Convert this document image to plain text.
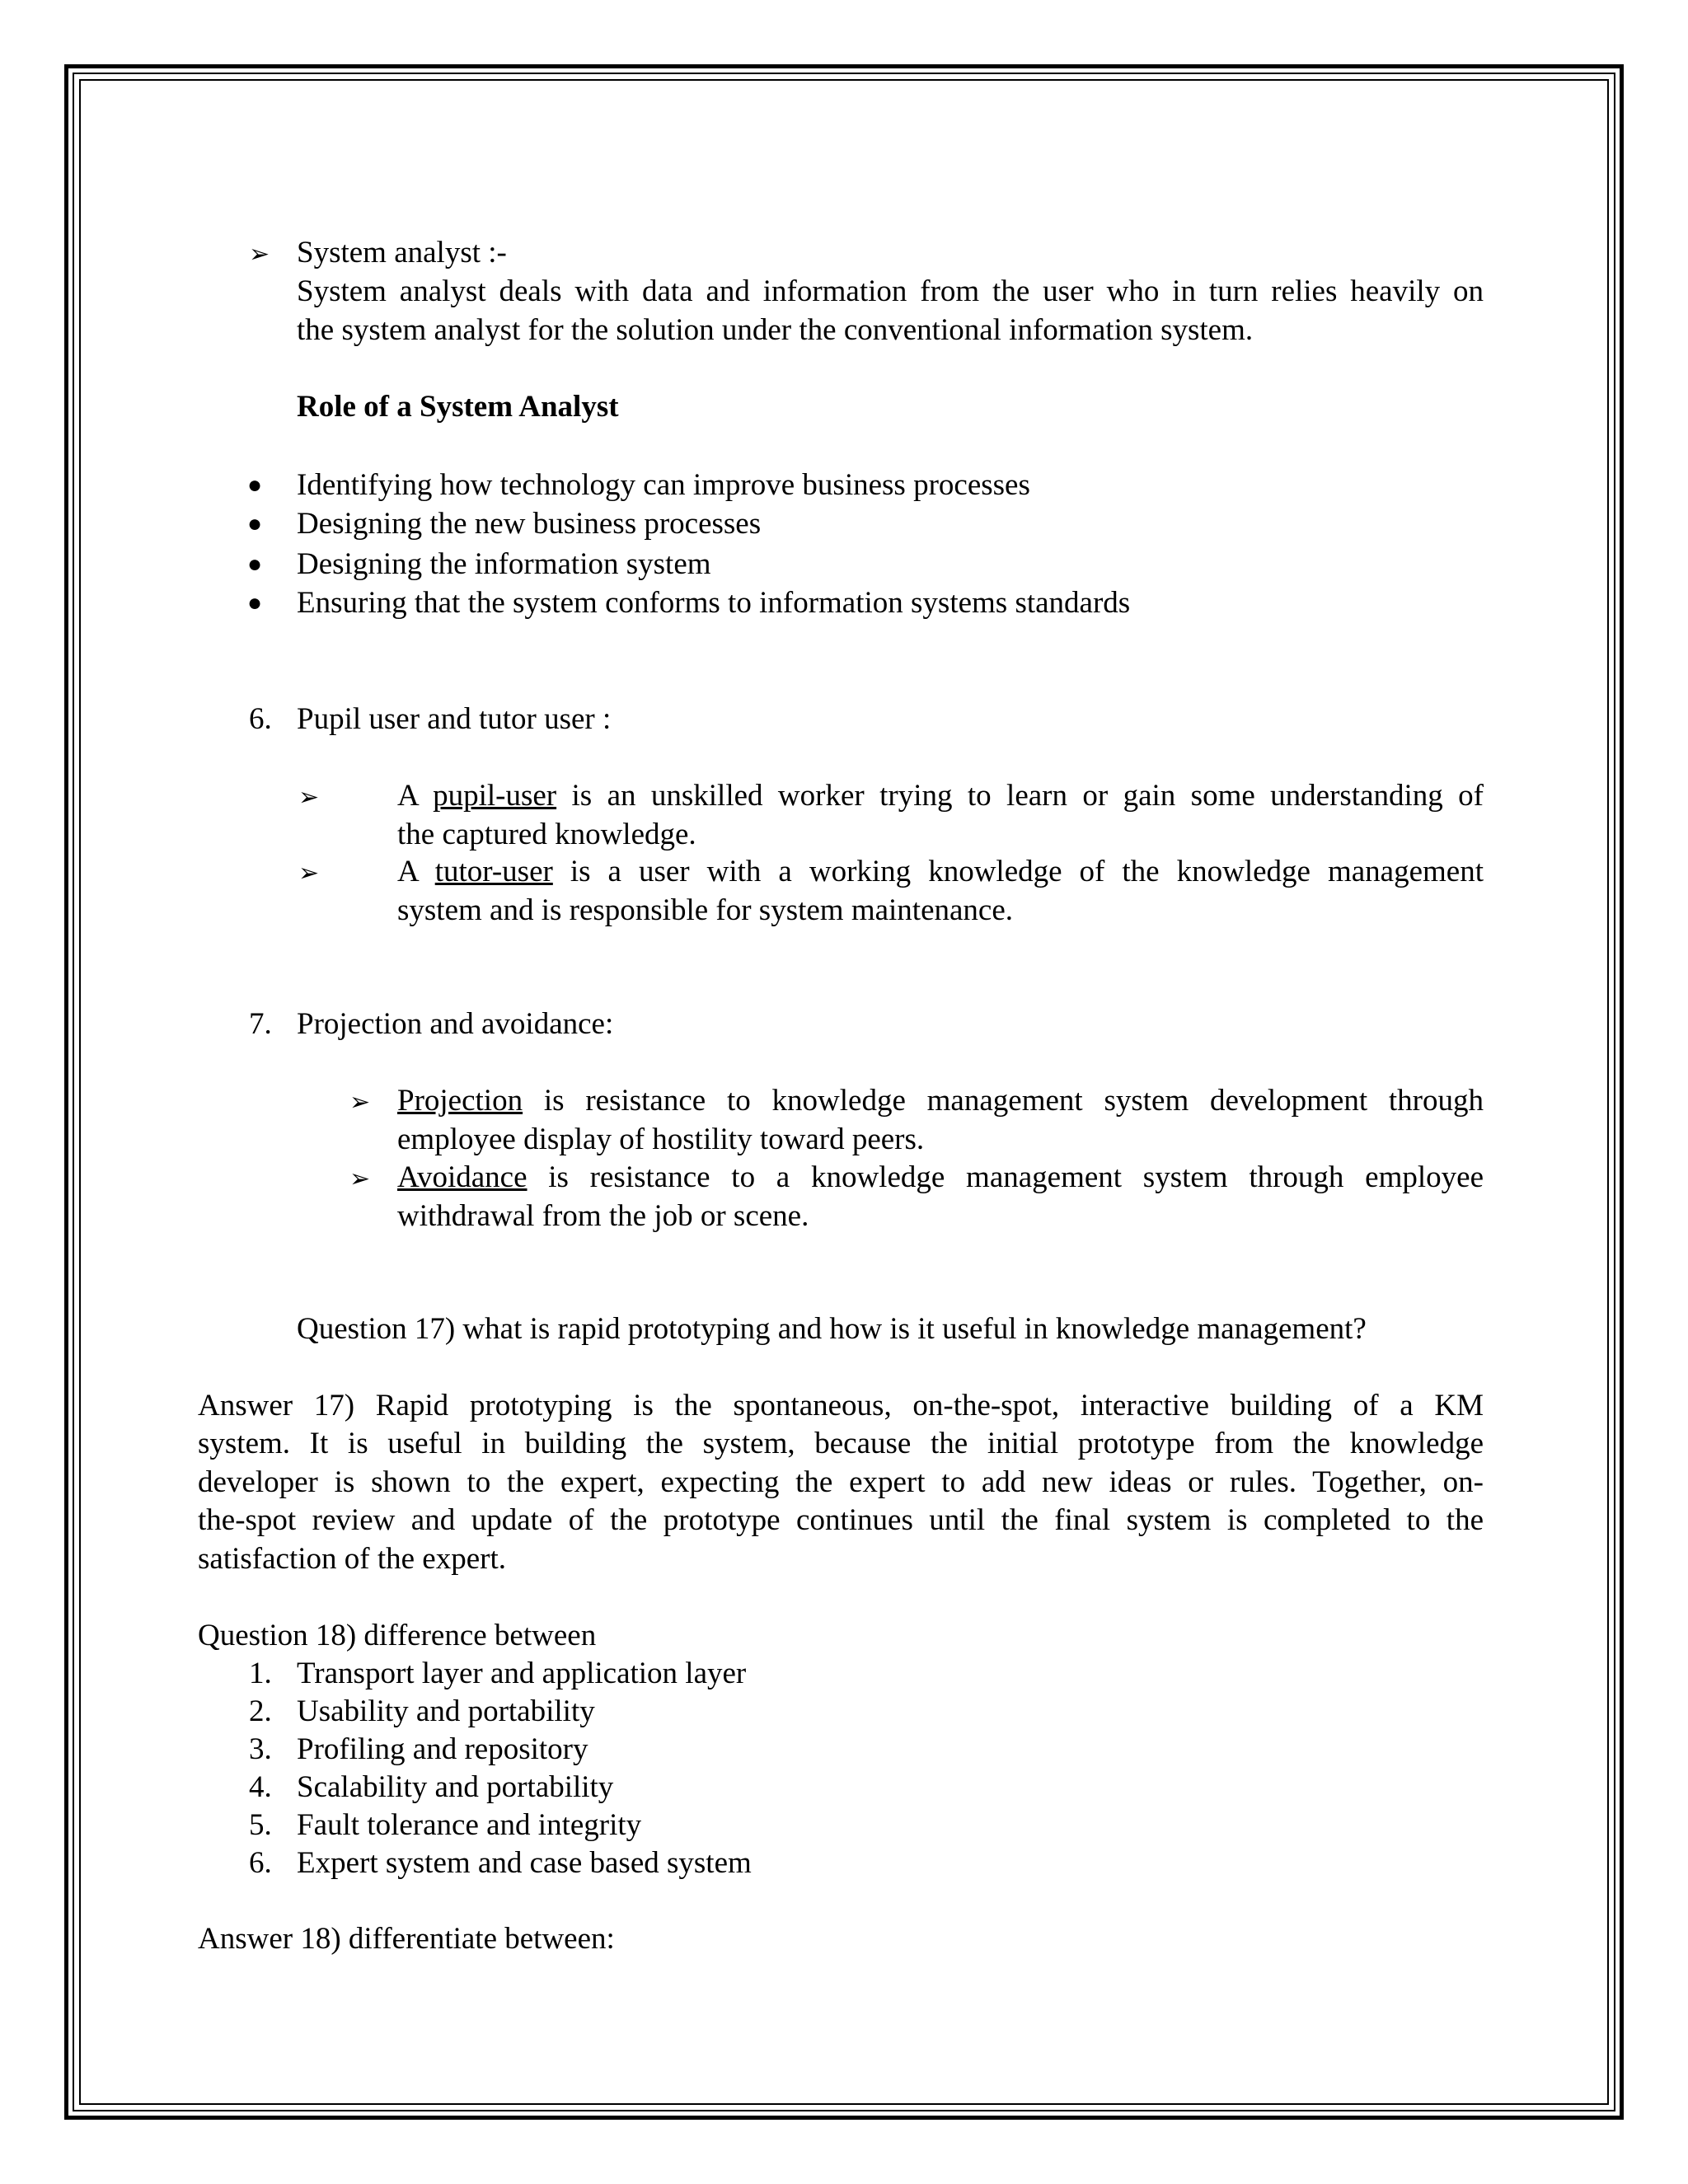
➢ System analyst :-
System analyst deals with data and information from the user who in turn relies heavily on
the system analyst for the solution under the conventional information system.
Role of a System Analyst
● Identifying how technology can improve business processes
● Designing the new business processes
● Designing the information system
● Ensuring that the system conforms to information systems standards
6. Pupil user and tutor user :
➢	A pupil-user is an unskilled worker trying to learn or gain some understanding of
the captured knowledge.
➢	A tutor-user is a user with a working knowledge of the knowledge management
system and is responsible for system maintenance.
7. Projection and avoidance:
➢ Projection is resistance to knowledge management system development through
employee display of hostility toward peers.
➢ Avoidance is resistance to a knowledge management system through employee
withdrawal from the job or scene.
Question 17) what is rapid prototyping and how is it useful in knowledge management?
Answer 17) Rapid prototyping is the spontaneous, on-the-spot, interactive building of a KM
system. It is useful in building the system, because the initial prototype from the knowledge
developer is shown to the expert, expecting the expert to add new ideas or rules. Together, on-
the-spot review and update of the prototype continues until the final system is completed to the
satisfaction of the expert.
Question 18) difference between
1. Transport layer and application layer
2. Usability and portability
3. Profiling and repository
4. Scalability and portability
5. Fault tolerance and integrity
6. Expert system and case based system
Answer 18) differentiate between:
